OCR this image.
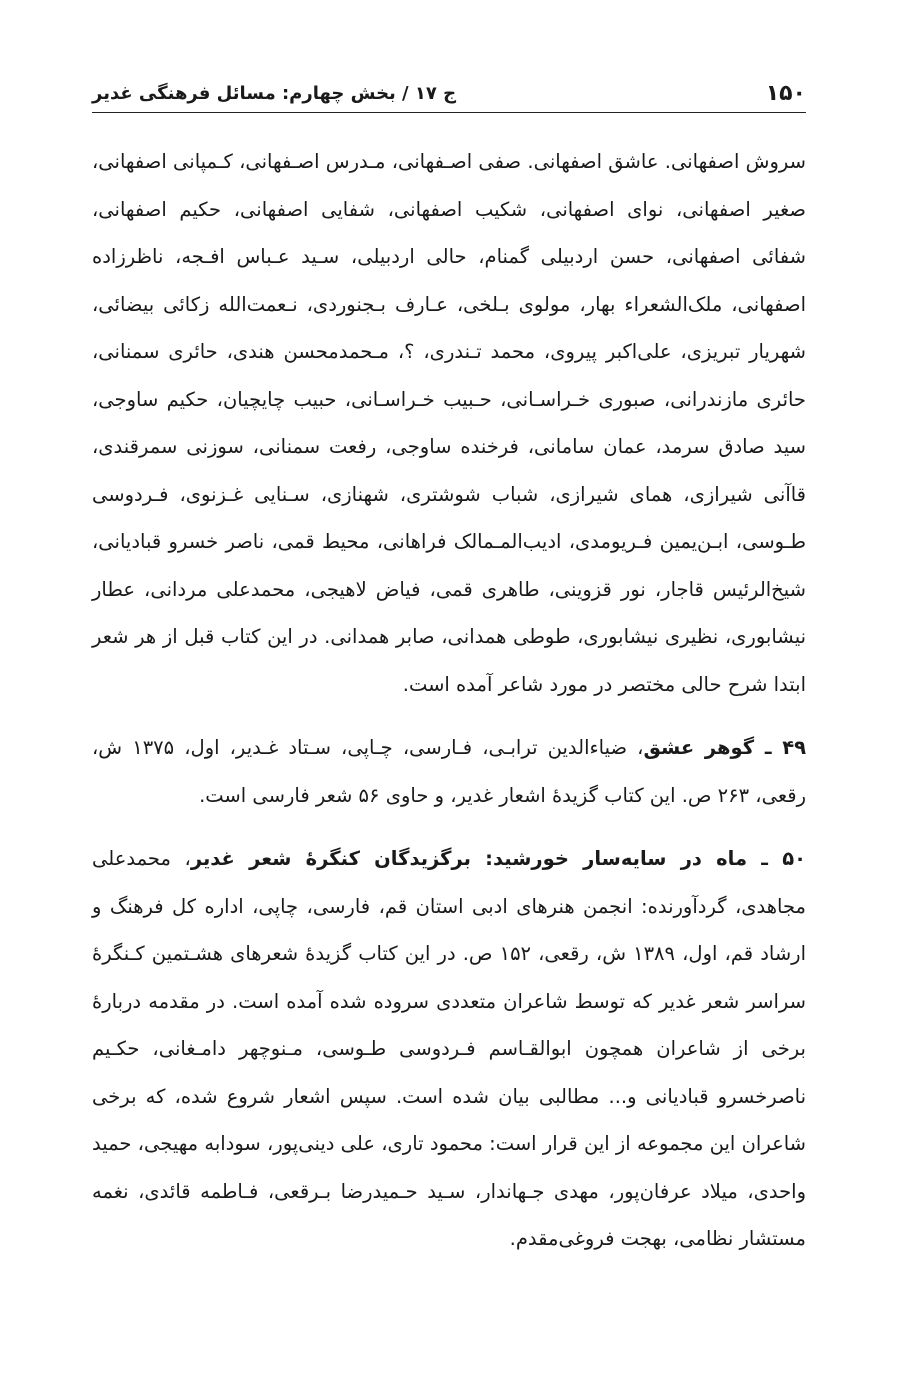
۱۵۰
ج ۱۷ / بخش چهارم: مسائل فرهنگی غدیر

سروش اصفهانی. عاشق اصفهانی. صفی اصـفهانی، مـدرس اصـفهانی، کـمپانی اصفهانی، صغیر اصفهانی، نوای اصفهانی، شکیب اصفهانی، شفایی اصفهانی، حکیم اصفهانی، شفائی اصفهانی، حسن اردبیلی گمنام، حالی اردبیلی، سـید عـباس افـجه، ناظرزاده اصفهانی، ملک‌الشعراء بهار، مولوی بـلخی، عـارف بـجنوردی، نـعمت‌الله زکائی بیضائی، شهریار تبریزی، علی‌اکبر پیروی، محمد تـندری، ؟، مـحمدمحسن هندی، حائری سمنانی، حائری مازندرانی، صبوری خـراسـانی، حـبیب خـراسـانی، حبیب چایچیان، حکیم ساوجی، سید صادق سرمد، عمان سامانی، فرخنده ساوجی، رفعت سمنانی، سوزنی سمرقندی، قاآنی شیرازی، همای شیرازی، شباب شوشتری، شهنازی، سـنایی غـزنوی، فـردوسی طـوسی، ابـن‌یمین فـریومدی، ادیب‌المـمالک فراهانی، محیط قمی، ناصر خسرو قبادیانی، شیخ‌الرئیس قاجار، نور قزوینی، طاهری قمی، فیاض لاهیجی، محمدعلی مردانی، عطار نیشابوری، نظیری نیشابوری، طوطی همدانی، صابر همدانی. در این کتاب قبل از هر شعر ابتدا شرح حالی مختصر در مورد شاعر آمده است.

۴۹ ـ گوهر عشق، ضیاءالدین ترابـی، فـارسی، چـاپی، سـتاد غـدیر، اول، ۱۳۷۵ ش، رقعی، ۲۶۳ ص. این کتاب گزیدهٔ اشعار غدیر، و حاوی ۵۶ شعر فارسی است.

۵۰ ـ ماه در سایه‌سار خورشید: برگزیدگان کنگرهٔ شعر غدیر، محمدعلی مجاهدی، گردآورنده: انجمن هنرهای ادبی استان قم، فارسی، چاپی، اداره کل فرهنگ و ارشاد قم، اول، ۱۳۸۹ ش، رقعی، ۱۵۲ ص. در این کتاب گزیدهٔ شعرهای هشـتمین کـنگرهٔ سراسر شعر غدیر که توسط شاعران متعددی سروده شده آمده است. در مقدمه دربارهٔ برخی از شاعران همچون ابوالقـاسم فـردوسی طـوسی، مـنوچهر دامـغانی، حکـیم ناصرخسرو قبادیانی و... مطالبی بیان شده است. سپس اشعار شروع شده، که برخی شاعران این مجموعه از این قرار است: محمود تاری، علی دینی‌پور، سودابه مهیجی، حمید واحدی، میلاد عرفان‌پور، مهدی جـهاندار، سـید حـمیدرضا بـرقعی، فـاطمه قائدی، نغمه مستشار نظامی، بهجت فروغی‌مقدم.
